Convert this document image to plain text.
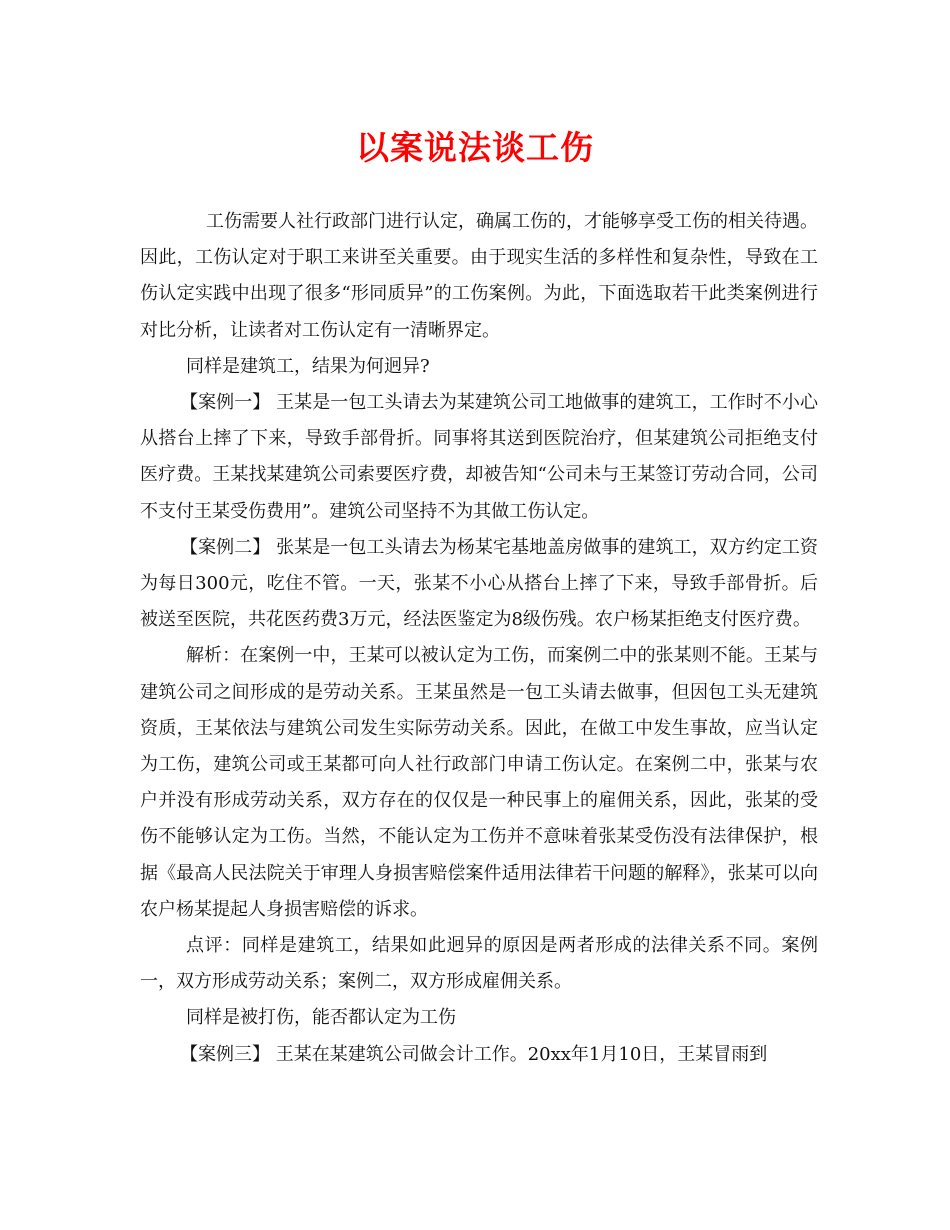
以案说法谈工伤

工伤需要人社行政部门进行认定，确属工伤的，才能够享受工伤的相关待遇。因此，工伤认定对于职工来讲至关重要。由于现实生活的多样性和复杂性，导致在工伤认定实践中出现了很多“形同质异”的工伤案例。为此，下面选取若干此类案例进行对比分析，让读者对工伤认定有一清晰界定。

同样是建筑工，结果为何迥异?

【案例一】 王某是一包工头请去为某建筑公司工地做事的建筑工，工作时不小心从搭台上摔了下来，导致手部骨折。同事将其送到医院治疗，但某建筑公司拒绝支付医疗费。王某找某建筑公司索要医疗费，却被告知“公司未与王某签订劳动合同，公司不支付王某受伤费用”。建筑公司坚持不为其做工伤认定。

【案例二】 张某是一包工头请去为杨某宅基地盖房做事的建筑工，双方约定工资为每日300元，吃住不管。一天，张某不小心从搭台上摔了下来，导致手部骨折。后被送至医院，共花医药费3万元，经法医鉴定为8级伤残。农户杨某拒绝支付医疗费。

解析：在案例一中，王某可以被认定为工伤，而案例二中的张某则不能。王某与建筑公司之间形成的是劳动关系。王某虽然是一包工头请去做事，但因包工头无建筑资质，王某依法与建筑公司发生实际劳动关系。因此，在做工中发生事故，应当认定为工伤，建筑公司或王某都可向人社行政部门申请工伤认定。在案例二中，张某与农户并没有形成劳动关系，双方存在的仅仅是一种民事上的雇佣关系，因此，张某的受伤不能够认定为工伤。当然，不能认定为工伤并不意味着张某受伤没有法律保护，根据《最高人民法院关于审理人身损害赔偿案件适用法律若干问题的解释》，张某可以向农户杨某提起人身损害赔偿的诉求。

点评：同样是建筑工，结果如此迥异的原因是两者形成的法律关系不同。案例一，双方形成劳动关系；案例二，双方形成雇佣关系。

同样是被打伤，能否都认定为工伤

【案例三】 王某在某建筑公司做会计工作。20xx年1月10日，王某冒雨到
